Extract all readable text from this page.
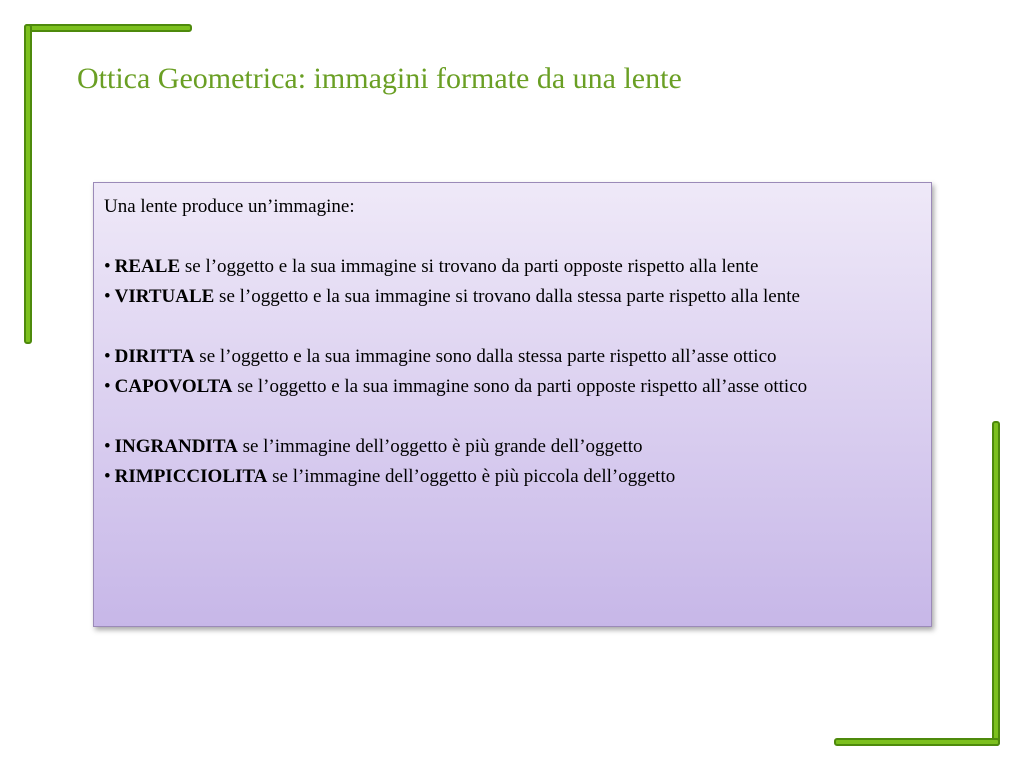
Ottica Geometrica: immagini formate da una lente

Una lente produce un’immagine:

• REALE se l’oggetto e la sua immagine si trovano da parti opposte rispetto alla lente

• VIRTUALE se l’oggetto e la sua immagine si trovano dalla stessa parte rispetto alla lente

• DIRITTA se l’oggetto e la sua immagine sono dalla stessa parte rispetto all’asse ottico

• CAPOVOLTA se l’oggetto e la sua immagine sono da parti opposte rispetto all’asse ottico

• INGRANDITA se l’immagine dell’oggetto è più grande dell’oggetto

• RIMPICCIOLITA se l’immagine dell’oggetto è più piccola dell’oggetto
